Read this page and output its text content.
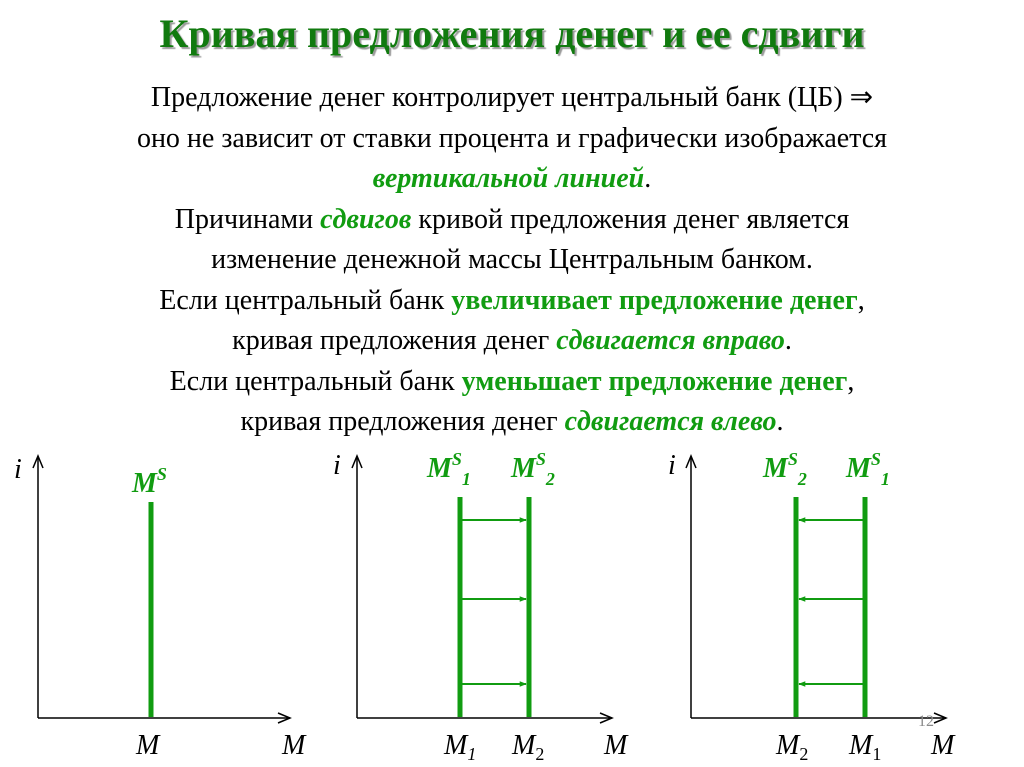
Кривая предложения денег и ее сдвиги

Предложение денег контролирует центральный банк (ЦБ) ⇒

оно не зависит от ставки процента и графически изображается

вертикальной линией.

Причинами сдвигов кривой предложения денег является

изменение денежной массы Центральным банком.

Если центральный банк увеличивает предложение денег,

кривая предложения денег сдвигается вправо.

Если центральный банк уменьшает предложение денег,

кривая предложения денег сдвигается влево.

i
M
M
$M^S$	i
M
$M_1$ $M_2$
$M^S_1$ $M^S_2$	i
M
$M_2$ $M_1$
$M^S_2$ $M^S_1$
12
